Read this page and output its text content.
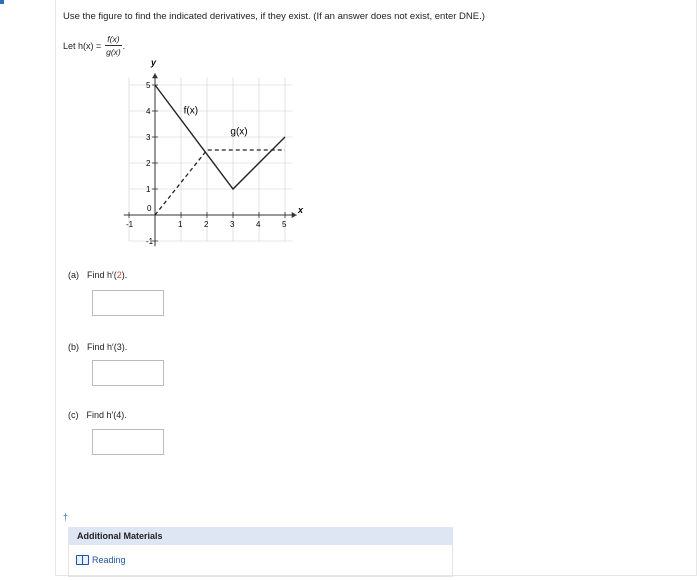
Use the figure to find the indicated derivatives, if they exist. (If an answer does not exist, enter DNE.)
Let $h(x) = \frac{f(x)}{g(x)}$ .
-1	1	2	3	4	5
5
4
3
2
1
-1
f(x)
g(x)
x
y
0
(a) Find h′(2).
(b) Find h′(3).
(c) Find h′(4).
†
Additional Materials
Reading
